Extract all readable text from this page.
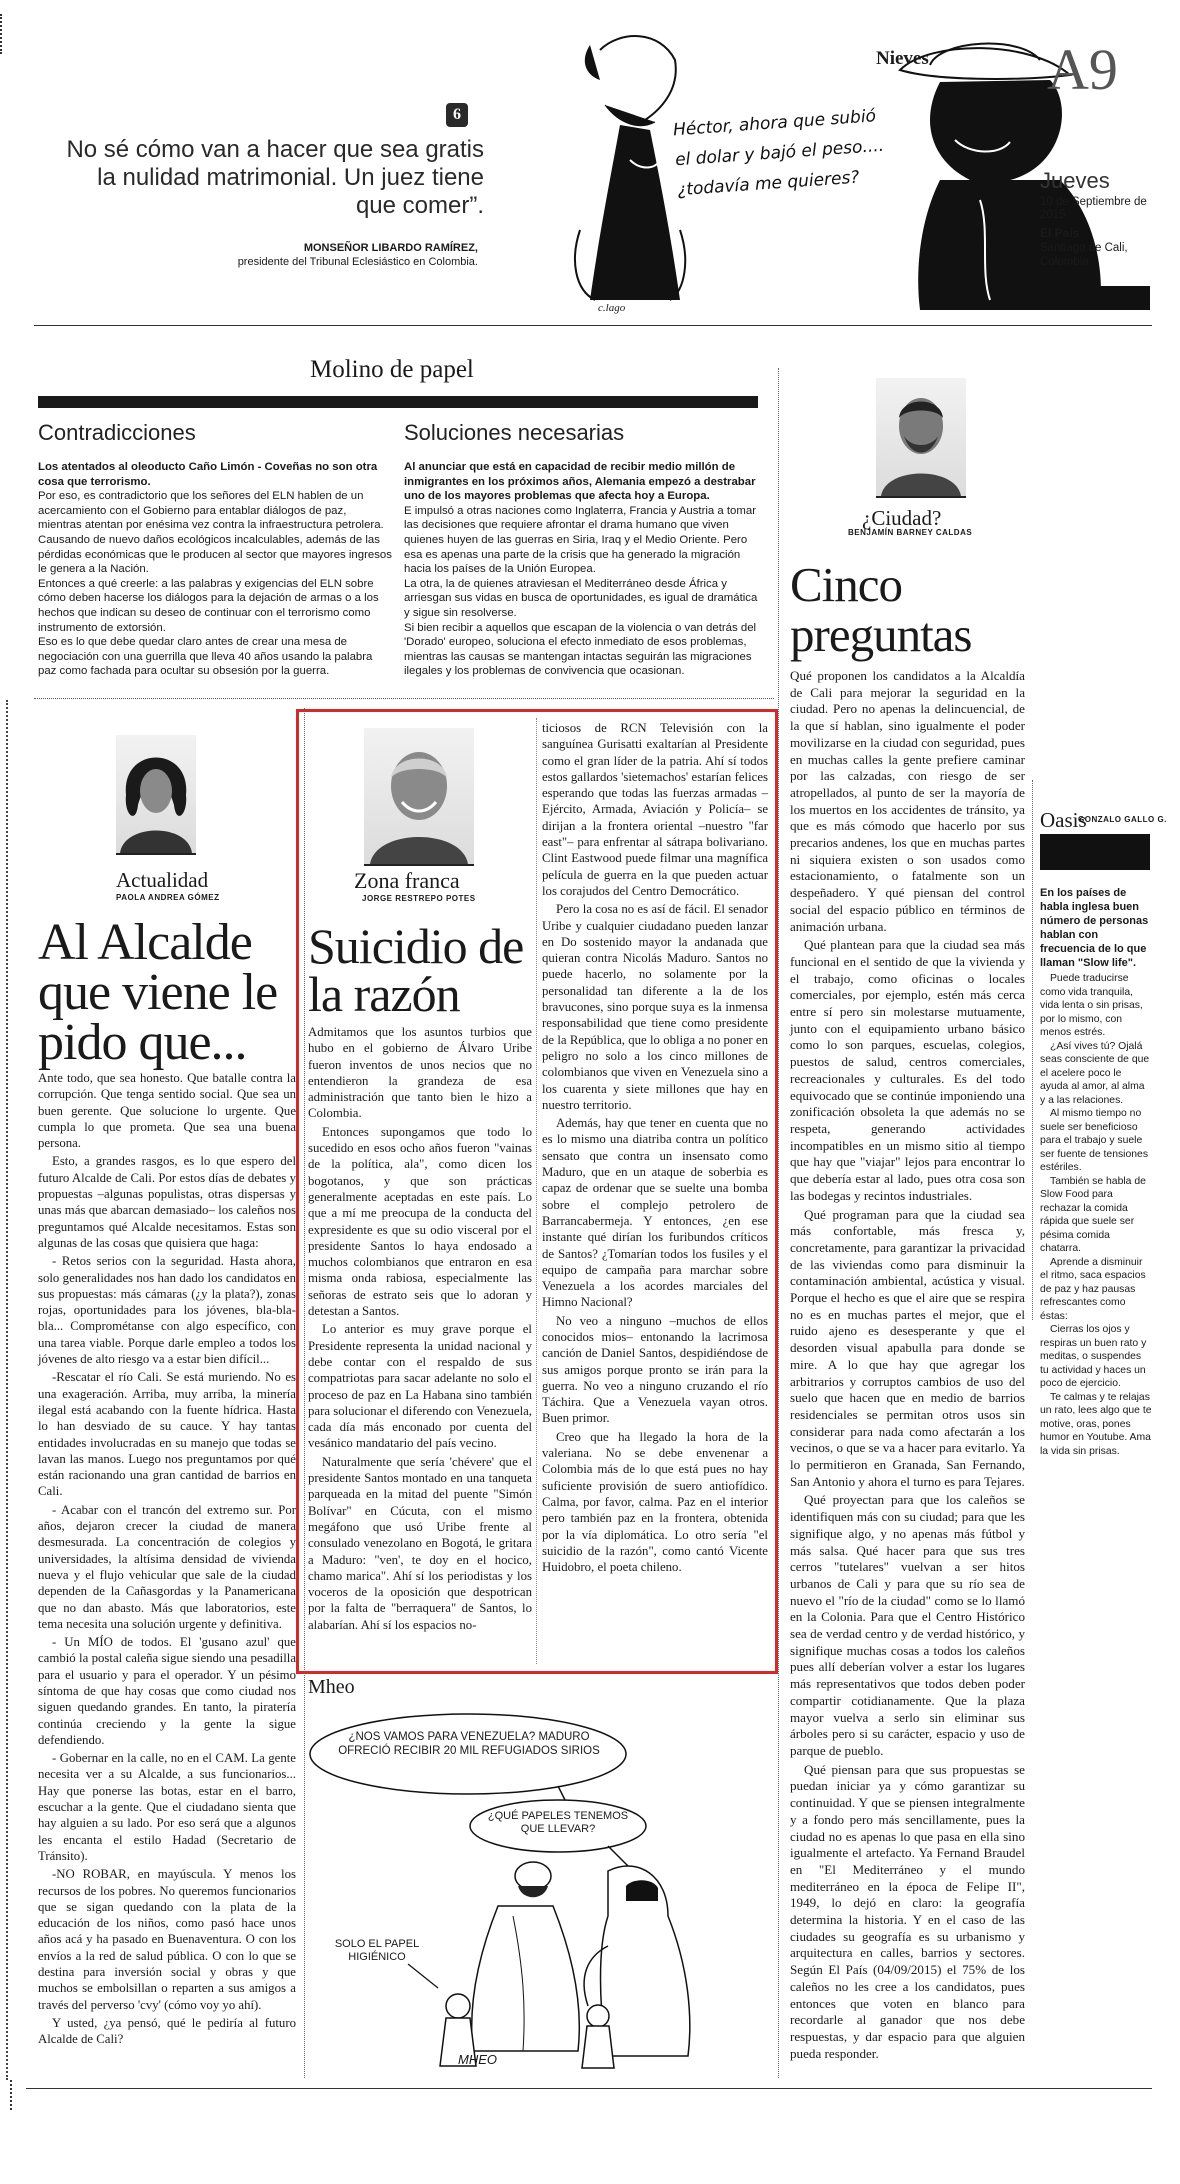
6
No sé cómo van a hacer que sea gratis la nulidad matrimonial. Un juez tiene que comer”.
MONSEÑOR LIBARDO RAMÍREZ,
presidente del Tribunal Eclesiástico en Colombia.
Héctor, ahora que subió el dolar y bajó el peso.... ¿todavía me quieres?
c.lago
Nieves A9
Jueves
10 de Septiembre de 2015
El País
Santiago de Cali, Colombia
Molino de papel
Contradicciones

Los atentados al oleoducto Caño Limón - Coveñas no son otra cosa que terrorismo.

Por eso, es contradictorio que los señores del ELN hablen de un acercamiento con el Gobierno para entablar diálogos de paz, mientras atentan por enésima vez contra la infraestructura petrolera. Causando de nuevo daños ecológicos incalculables, además de las pérdidas económicas que le producen al sector que mayores ingresos le genera a la Nación.

Entonces a qué creerle: a las palabras y exigencias del ELN sobre cómo deben hacerse los diálogos para la dejación de armas o a los hechos que indican su deseo de continuar con el terrorismo como instrumento de extorsión.

Eso es lo que debe quedar claro antes de crear una mesa de negociación con una guerrilla que lleva 40 años usando la palabra paz como fachada para ocultar su obsesión por la guerra.

Soluciones necesarias

Al anunciar que está en capacidad de recibir medio millón de inmigrantes en los próximos años, Alemania empezó a destrabar uno de los mayores problemas que afecta hoy a Europa.

E impulsó a otras naciones como Inglaterra, Francia y Austria a tomar las decisiones que requiere afrontar el drama humano que viven quienes huyen de las guerras en Siria, Iraq y el Medio Oriente. Pero esa es apenas una parte de la crisis que ha generado la migración hacia los países de la Unión Europea.

La otra, la de quienes atraviesan el Mediterráneo desde África y arriesgan sus vidas en busca de oportunidades, es igual de dramática y sigue sin resolverse.

Si bien recibir a aquellos que escapan de la violencia o van detrás del 'Dorado' europeo, soluciona el efecto inmediato de esos problemas, mientras las causas se mantengan intactas seguirán las migraciones ilegales y los problemas de convivencia que ocasionan.

¿Ciudad?
BENJAMÍN BARNEY CALDAS
Cinco preguntas

Qué proponen los candidatos a la Alcaldía de Cali para mejorar la seguridad en la ciudad. Pero no apenas la delincuencial, de la que sí hablan, sino igualmente el poder movilizarse en la ciudad con seguridad, pues en muchas calles la gente prefiere caminar por las calzadas, con riesgo de ser atropellados, al punto de ser la mayoría de los muertos en los accidentes de tránsito, ya que es más cómodo que hacerlo por sus precarios andenes, los que en muchas partes ni siquiera existen o son usados como estacionamiento, o fatalmente son un despeñadero. Y qué piensan del control social del espacio público en términos de animación urbana.

Qué plantean para que la ciudad sea más funcional en el sentido de que la vivienda y el trabajo, como oficinas o locales comerciales, por ejemplo, estén más cerca entre sí pero sin molestarse mutuamente, junto con el equipamiento urbano básico como lo son parques, escuelas, colegios, puestos de salud, centros comerciales, recreacionales y culturales. Es del todo equivocado que se continúe imponiendo una zonificación obsoleta la que además no se respeta, generando actividades incompatibles en un mismo sitio al tiempo que hay que "viajar" lejos para encontrar lo que debería estar al lado, pues otra cosa son las bodegas y recintos industriales.

Qué programan para que la ciudad sea más confortable, más fresca y, concretamente, para garantizar la privacidad de las viviendas como para disminuir la contaminación ambiental, acústica y visual. Porque el hecho es que el aire que se respira no es en muchas partes el mejor, que el ruido ajeno es desesperante y que el desorden visual apabulla para donde se mire. A lo que hay que agregar los arbitrarios y corruptos cambios de uso del suelo que hacen que en medio de barrios residenciales se permitan otros usos sin considerar para nada como afectarán a los vecinos, o que se va a hacer para evitarlo. Ya lo permitieron en Granada, San Fernando, San Antonio y ahora el turno es para Tejares.

Qué proyectan para que los caleños se identifiquen más con su ciudad; para que les signifique algo, y no apenas más fútbol y más salsa. Qué hacer para que sus tres cerros "tutelares" vuelvan a ser hitos urbanos de Cali y para que su río sea de nuevo el "río de la ciudad" como se lo llamó en la Colonia. Para que el Centro Histórico sea de verdad centro y de verdad histórico, y signifique muchas cosas a todos los caleños pues allí deberían volver a estar los lugares más representativos que todos deben poder compartir cotidianamente. Que la plaza mayor vuelva a serlo sin eliminar sus árboles pero si su carácter, espacio y uso de parque de pueblo.

Qué piensan para que sus propuestas se puedan iniciar ya y cómo garantizar su continuidad. Y que se piensen integralmente y a fondo pero más sencillamente, pues la ciudad no es apenas lo que pasa en ella sino igualmente el artefacto. Ya Fernand Braudel en "El Mediterráneo y el mundo mediterráneo en la época de Felipe II", 1949, lo dejó en claro: la geografía determina la historia. Y en el caso de las ciudades su geografía es su urbanismo y arquitectura en calles, barrios y sectores. Según El País (04/09/2015) el 75% de los caleños no les cree a los candidatos, pues entonces que voten en blanco para recordarle al ganador que nos debe respuestas, y dar espacio para que alguien pueda responder.

Oasis
GONZALO GALLO G.

En los países de habla inglesa buen número de personas hablan con frecuencia de lo que llaman "Slow life".

Puede traducirse como vida tranquila, vida lenta o sin prisas, por lo mismo, con menos estrés.

¿Así vives tú? Ojalá seas consciente de que el acelere poco le ayuda al amor, al alma y a las relaciones.

Al mismo tiempo no suele ser beneficioso para el trabajo y suele ser fuente de tensiones estériles.

También se habla de Slow Food para rechazar la comida rápida que suele ser pésima comida chatarra.

Aprende a disminuir el ritmo, saca espacios de paz y haz pausas refrescantes como éstas:

Cierras los ojos y respiras un buen rato y meditas, o suspendes tu actividad y haces un poco de ejercicio.

Te calmas y te relajas un rato, lees algo que te motive, oras, pones humor en Youtube. Ama la vida sin prisas.

Actualidad
PAOLA ANDREA GÓMEZ
Al Alcalde que viene le pido que...

Ante todo, que sea honesto. Que batalle contra la corrupción. Que tenga sentido social. Que sea un buen gerente. Que solucione lo urgente. Que cumpla lo que prometa. Que sea una buena persona.

Esto, a grandes rasgos, es lo que espero del futuro Alcalde de Cali. Por estos días de debates y propuestas –algunas populistas, otras dispersas y unas más que abarcan demasiado– los caleños nos preguntamos qué Alcalde necesitamos. Estas son algunas de las cosas que quisiera que haga:

- Retos serios con la seguridad. Hasta ahora, solo generalidades nos han dado los candidatos en sus propuestas: más cámaras (¿y la plata?), zonas rojas, oportunidades para los jóvenes, bla-bla-bla... Comprométanse con algo específico, con una tarea viable. Porque darle empleo a todos los jóvenes de alto riesgo va a estar bien difícil...

-Rescatar el río Cali. Se está muriendo. No es una exageración. Arriba, muy arriba, la minería ilegal está acabando con la fuente hídrica. Hasta lo han desviado de su cauce. Y hay tantas entidades involucradas en su manejo que todas se lavan las manos. Luego nos preguntamos por qué están racionando una gran cantidad de barrios en Cali.

- Acabar con el trancón del extremo sur. Por años, dejaron crecer la ciudad de manera desmesurada. La concentración de colegios y universidades, la altísima densidad de vivienda nueva y el flujo vehicular que sale de la ciudad dependen de la Cañasgordas y la Panamericana que no dan abasto. Más que laboratorios, este tema necesita una solución urgente y definitiva.

- Un MÍO de todos. El 'gusano azul' que cambió la postal caleña sigue siendo una pesadilla para el usuario y para el operador. Y un pésimo síntoma de que hay cosas que como ciudad nos siguen quedando grandes. En tanto, la piratería continúa creciendo y la gente la sigue defendiendo.

- Gobernar en la calle, no en el CAM. La gente necesita ver a su Alcalde, a sus funcionarios... Hay que ponerse las botas, estar en el barro, escuchar a la gente. Que el ciudadano sienta que hay alguien a su lado. Por eso será que a algunos les encanta el estilo Hadad (Secretario de Tránsito).

-NO ROBAR, en mayúscula. Y menos los recursos de los pobres. No queremos funcionarios que se sigan quedando con la plata de la educación de los niños, como pasó hace unos años acá y ha pasado en Buenaventura. O con los envíos a la red de salud pública. O con lo que se destina para inversión social y obras y que muchos se embolsillan o reparten a sus amigos a través del perverso 'cvy' (cómo voy yo ahí).

Y usted, ¿ya pensó, qué le pediría al futuro Alcalde de Cali?

Zona franca
JORGE RESTREPO POTES
Suicidio de la razón

Admitamos que los asuntos turbios que hubo en el gobierno de Álvaro Uribe fueron inventos de unos necios que no entendieron la grandeza de esa administración que tanto bien le hizo a Colombia.

Entonces supongamos que todo lo sucedido en esos ocho años fueron "vainas de la política, ala", como dicen los bogotanos, y que son prácticas generalmente aceptadas en este país. Lo que a mí me preocupa de la conducta del expresidente es que su odio visceral por el presidente Santos lo haya endosado a muchos colombianos que entraron en esa misma onda rabiosa, especialmente las señoras de estrato seis que lo adoran y detestan a Santos.

Lo anterior es muy grave porque el Presidente representa la unidad nacional y debe contar con el respaldo de sus compatriotas para sacar adelante no solo el proceso de paz en La Habana sino también para solucionar el diferendo con Venezuela, cada día más enconado por cuenta del vesánico mandatario del país vecino.

Naturalmente que sería 'chévere' que el presidente Santos montado en una tanqueta parqueada en la mitad del puente "Simón Bolívar" en Cúcuta, con el mismo megáfono que usó Uribe frente al consulado venezolano en Bogotá, le gritara a Maduro: "ven', te doy en el hocico, chamo marica". Ahí sí los periodistas y los voceros de la oposición que despotrican por la falta de "berraquera" de Santos, lo alabarían. Ahí sí los espacios no-

ticiosos de RCN Televisión con la sanguínea Gurisatti exaltarían al Presidente como el gran líder de la patria. Ahí sí todos estos gallardos 'sietemachos' estarían felices esperando que todas las fuerzas armadas –Ejército, Armada, Aviación y Policía– se dirijan a la frontera oriental –nuestro "far east"– para enfrentar al sátrapa bolivariano. Clint Eastwood puede filmar una magnífica película de guerra en la que pueden actuar los corajudos del Centro Democrático.

Pero la cosa no es así de fácil. El senador Uribe y cualquier ciudadano pueden lanzar en Do sostenido mayor la andanada que quieran contra Nicolás Maduro. Santos no puede hacerlo, no solamente por la personalidad tan diferente a la de los bravucones, sino porque suya es la inmensa responsabilidad que tiene como presidente de la República, que lo obliga a no poner en peligro no solo a los cinco millones de colombianos que viven en Venezuela sino a los cuarenta y siete millones que hay en nuestro territorio.

Además, hay que tener en cuenta que no es lo mismo una diatriba contra un político sensato que contra un insensato como Maduro, que en un ataque de soberbia es capaz de ordenar que se suelte una bomba sobre el complejo petrolero de Barrancabermeja. Y entonces, ¿en ese instante qué dirían los furibundos críticos de Santos? ¿Tomarían todos los fusiles y el equipo de campaña para marchar sobre Venezuela a los acordes marciales del Himno Nacional?

No veo a ninguno –muchos de ellos conocidos mios– entonando la lacrimosa canción de Daniel Santos, despidiéndose de sus amigos porque pronto se irán para la guerra. No veo a ninguno cruzando el río Táchira. Que a Venezuela vayan otros. Buen primor.

Creo que ha llegado la hora de la valeriana. No se debe envenenar a Colombia más de lo que está pues no hay suficiente provisión de suero antiofídico. Calma, por favor, calma. Paz en el interior pero también paz en la frontera, obtenida por la vía diplomática. Lo otro sería "el suicidio de la razón", como cantó Vicente Huidobro, el poeta chileno.

Mheo
¿NOS VAMOS PARA VENEZUELA? MADURO OFRECIÓ RECIBIR 20 MIL REFUGIADOS SIRIOS
¿QUÉ PAPELES TENEMOS QUE LLEVAR?
SOLO EL PAPEL HIGIÉNICO
MHEO
